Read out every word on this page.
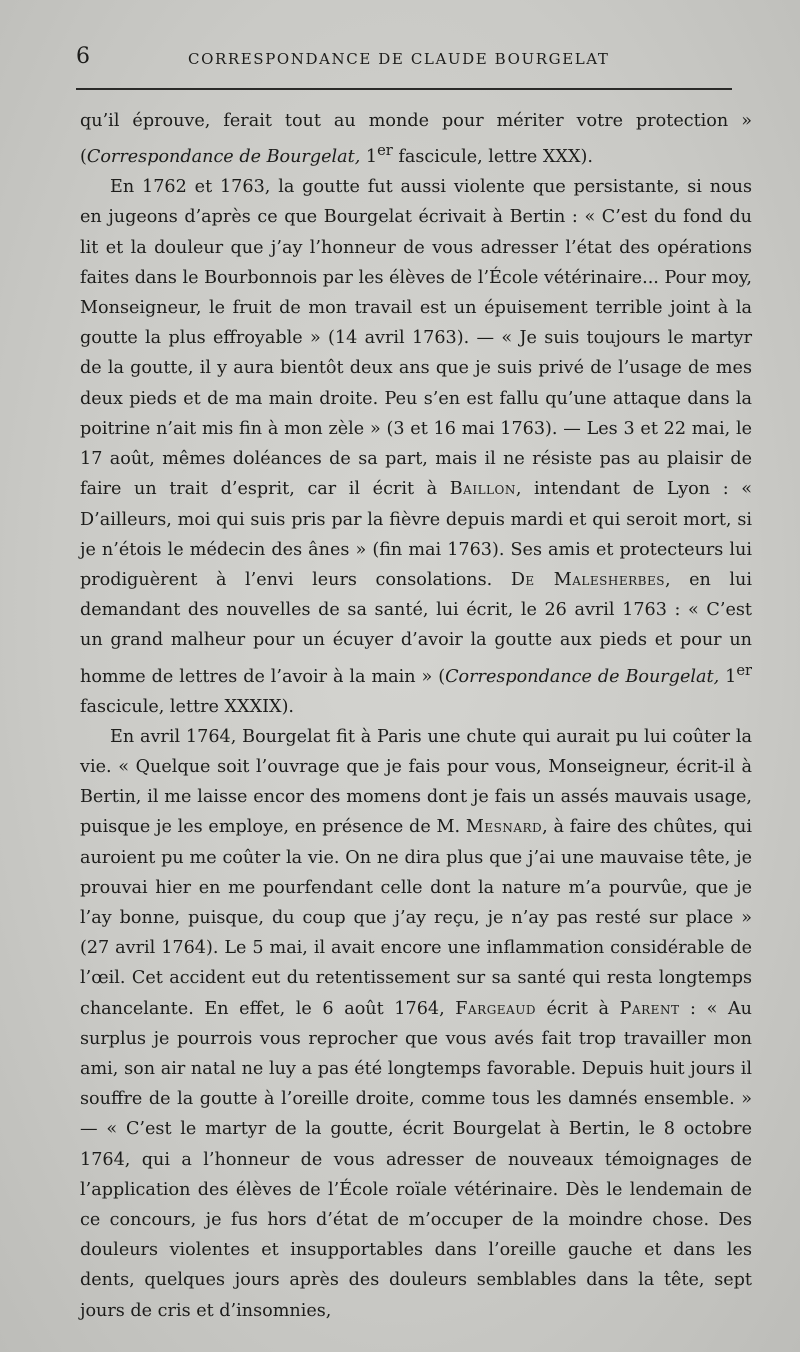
6	CORRESPONDANCE DE CLAUDE BOURGELAT

qu’il éprouve, ferait tout au monde pour mériter votre protection » (Correspondance de Bourgelat, 1er fascicule, lettre XXX).

En 1762 et 1763, la goutte fut aussi violente que persistante, si nous en jugeons d’après ce que Bourgelat écrivait à Bertin : « C’est du fond du lit et la douleur que j’ay l’honneur de vous adresser l’état des opérations faites dans le Bourbonnois par les élèves de l’École vétérinaire... Pour moy, Monseigneur, le fruit de mon travail est un épuisement terrible joint à la goutte la plus effroyable » (14 avril 1763). — « Je suis toujours le martyr de la goutte, il y aura bientôt deux ans que je suis privé de l’usage de mes deux pieds et de ma main droite. Peu s’en est fallu qu’une attaque dans la poitrine n’ait mis fin à mon zèle » (3 et 16 mai 1763). — Les 3 et 22 mai, le 17 août, mêmes doléances de sa part, mais il ne résiste pas au plaisir de faire un trait d’esprit, car il écrit à Baillon, intendant de Lyon : « D’ailleurs, moi qui suis pris par la fièvre depuis mardi et qui seroit mort, si je n’étois le médecin des ânes » (fin mai 1763). Ses amis et protecteurs lui prodiguèrent à l’envi leurs consolations. De Malesherbes, en lui demandant des nouvelles de sa santé, lui écrit, le 26 avril 1763 : « C’est un grand malheur pour un écuyer d’avoir la goutte aux pieds et pour un homme de lettres de l’avoir à la main » (Correspondance de Bourgelat, 1er fascicule, lettre XXXIX).

En avril 1764, Bourgelat fit à Paris une chute qui aurait pu lui coûter la vie. « Quelque soit l’ouvrage que je fais pour vous, Monseigneur, écrit-il à Bertin, il me laisse encor des momens dont je fais un assés mauvais usage, puisque je les employe, en présence de M. Mesnard, à faire des chûtes, qui auroient pu me coûter la vie. On ne dira plus que j’ai une mauvaise tête, je prouvai hier en me pourfendant celle dont la nature m’a pourvûe, que je l’ay bonne, puisque, du coup que j’ay reçu, je n’ay pas resté sur place » (27 avril 1764). Le 5 mai, il avait encore une inflammation considérable de l’œil. Cet accident eut du retentissement sur sa santé qui resta longtemps chancelante. En effet, le 6 août 1764, Fargeaud écrit à Parent : « Au surplus je pourrois vous reprocher que vous avés fait trop travailler mon ami, son air natal ne luy a pas été longtemps favorable. Depuis huit jours il souffre de la goutte à l’oreille droite, comme tous les damnés ensemble. » — « C’est le martyr de la goutte, écrit Bourgelat à Bertin, le 8 octobre 1764, qui a l’honneur de vous adresser de nouveaux témoignages de l’application des élèves de l’École roïale vétérinaire. Dès le lendemain de ce concours, je fus hors d’état de m’occuper de la moindre chose. Des douleurs violentes et insupportables dans l’oreille gauche et dans les dents, quelques jours après des douleurs semblables dans la tête, sept jours de cris et d’insomnies,
